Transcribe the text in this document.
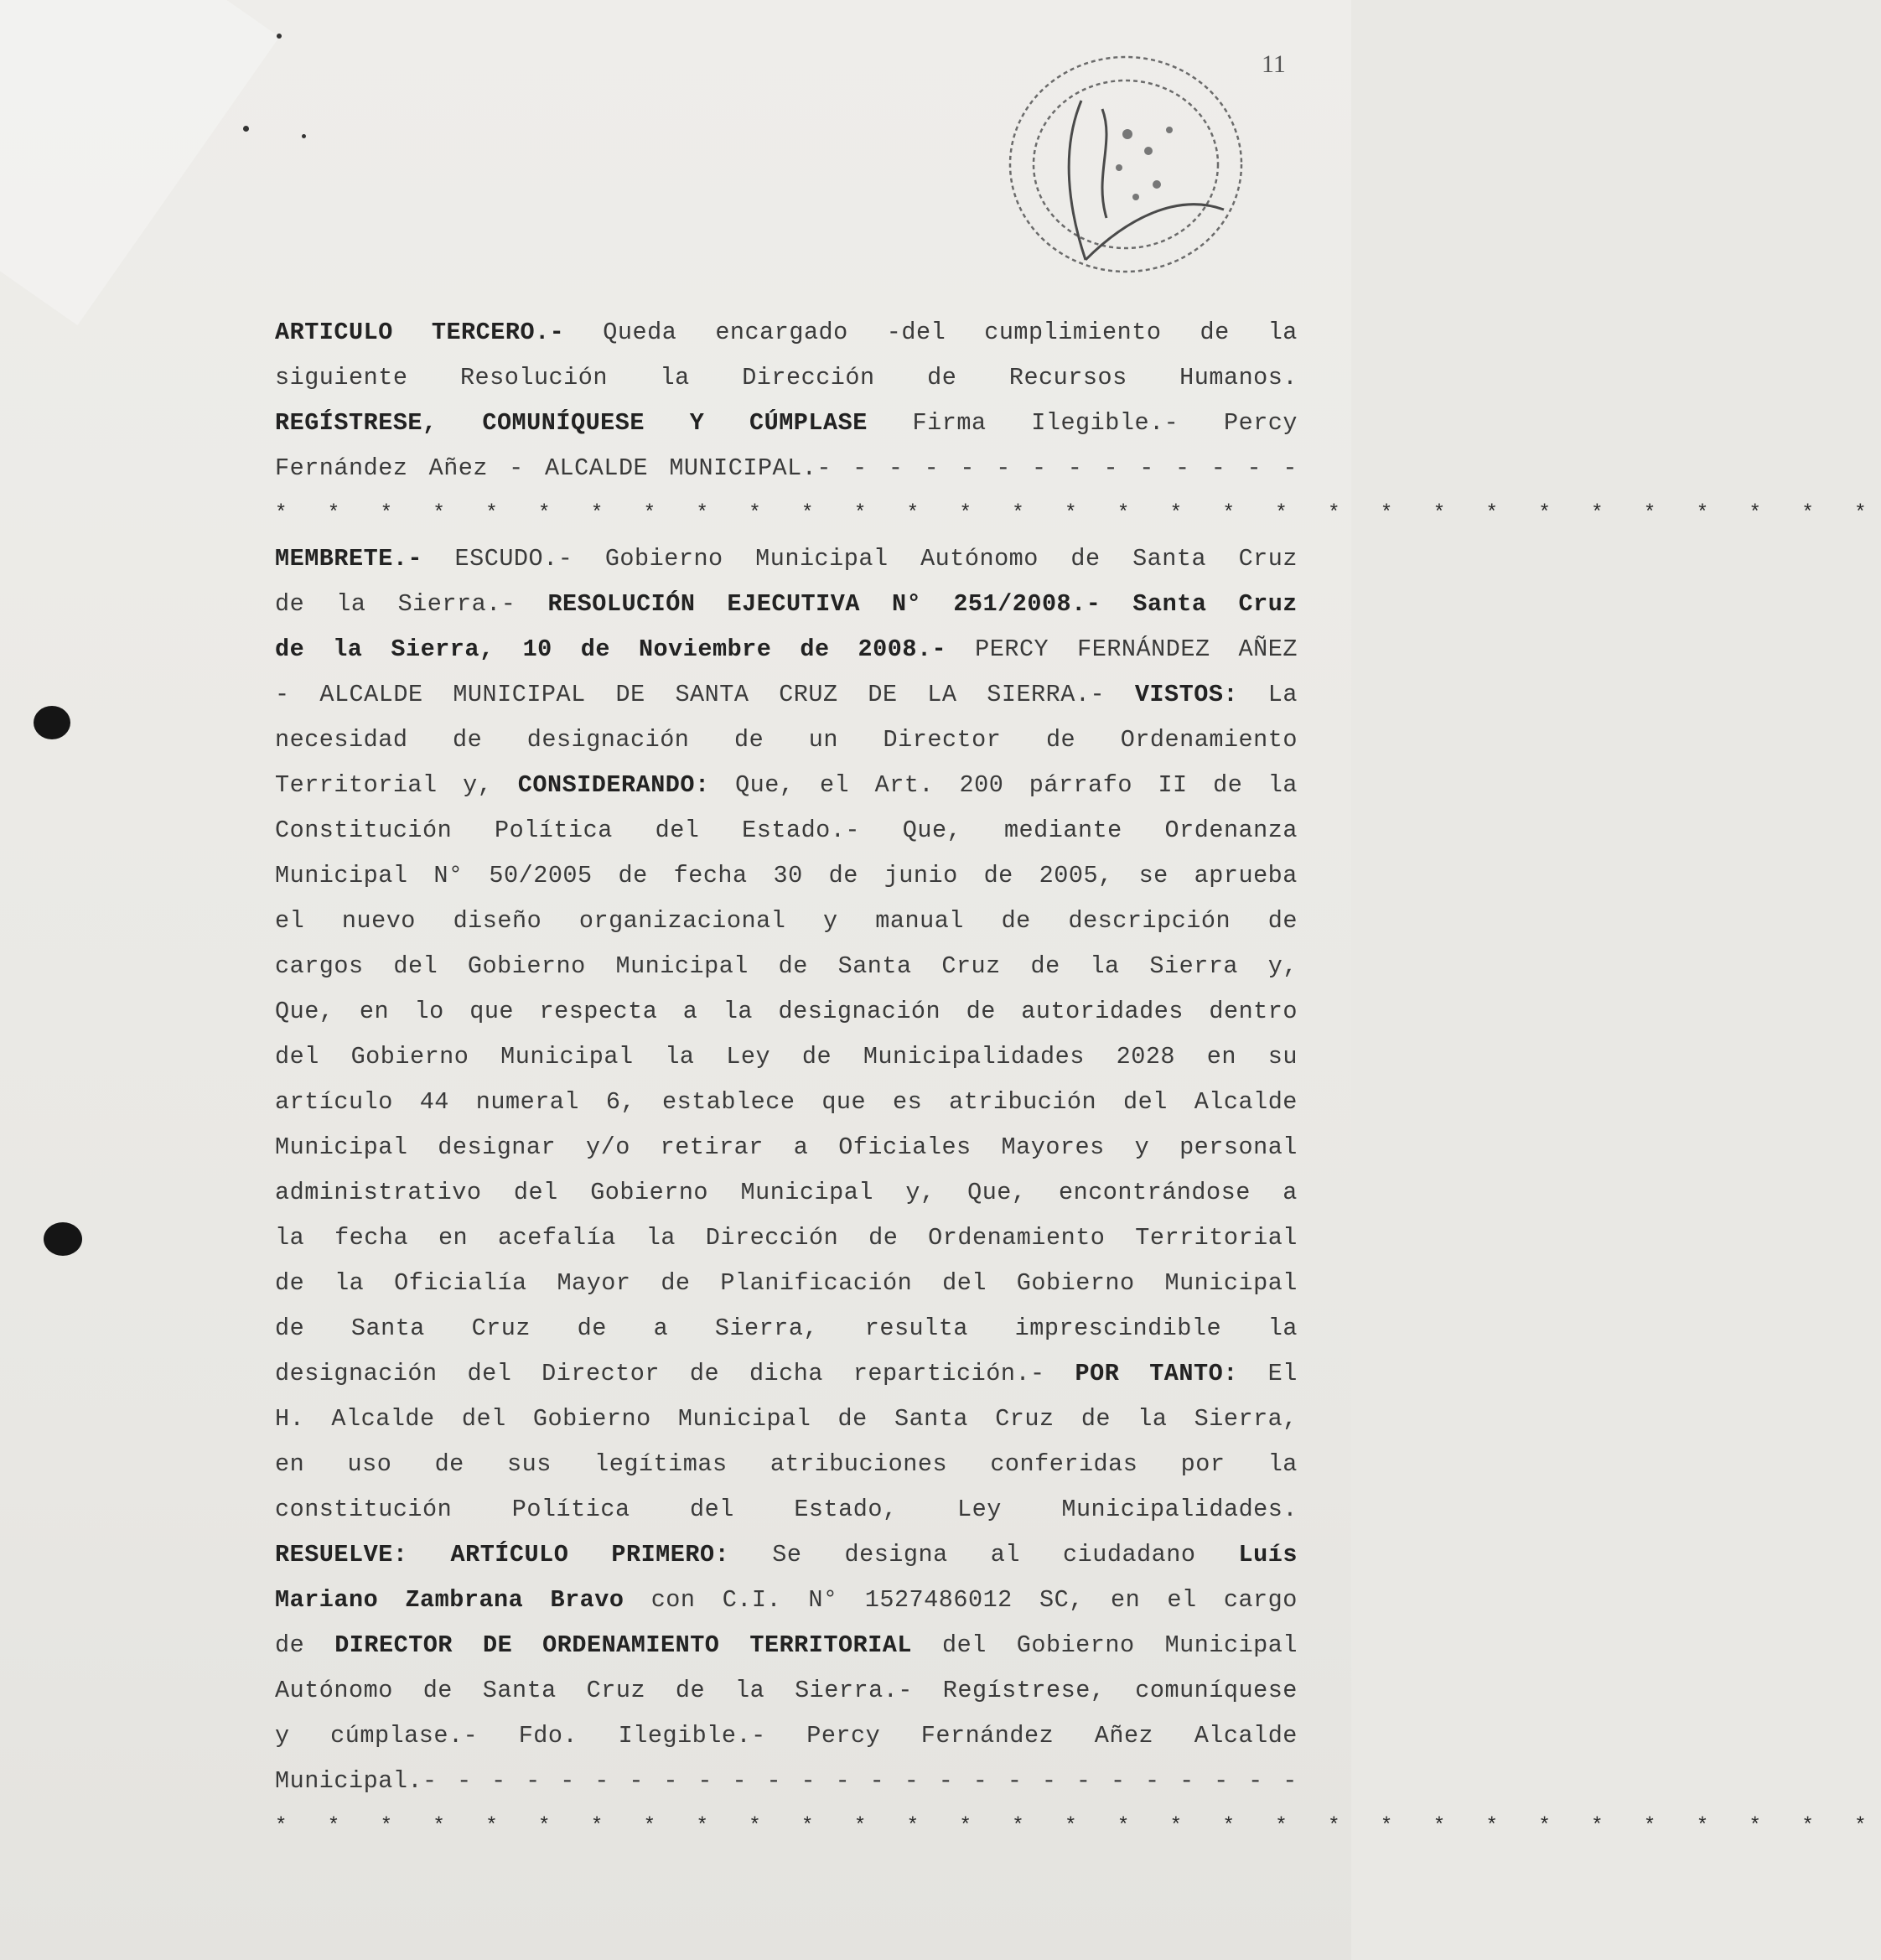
11
ARTICULO TERCERO.- Queda encargado -del cumplimiento de la
siguiente Resolución la Dirección de Recursos Humanos.
REGÍSTRESE, COMUNÍQUESE Y CÚMPLASE Firma Ilegible.- Percy
Fernández Añez - ALCALDE MUNICIPAL.- - - - - - - - - - - - - -
* * * * * * * * * * * * * * * * * * * * * * * * * * * * * * *
MEMBRETE.- ESCUDO.- Gobierno Municipal Autónomo de Santa Cruz
de la Sierra.- RESOLUCIÓN EJECUTIVA N° 251/2008.- Santa Cruz
de la Sierra, 10 de Noviembre de 2008.- PERCY FERNÁNDEZ AÑEZ
- ALCALDE MUNICIPAL DE SANTA CRUZ DE LA SIERRA.- VISTOS: La
necesidad de designación de un Director de Ordenamiento
Territorial y, CONSIDERANDO: Que, el Art. 200 párrafo II de la
Constitución Política del Estado.- Que, mediante Ordenanza
Municipal N° 50/2005 de fecha 30 de junio de 2005, se aprueba
el nuevo diseño organizacional y manual de descripción de
cargos del Gobierno Municipal de Santa Cruz de la Sierra y,
Que, en lo que respecta a la designación de autoridades dentro
del Gobierno Municipal la Ley de Municipalidades 2028 en su
artículo 44 numeral 6, establece que es atribución del Alcalde
Municipal designar y/o retirar a Oficiales Mayores y personal
administrativo del Gobierno Municipal y, Que, encontrándose a
la fecha en acefalía la Dirección de Ordenamiento Territorial
de la Oficialía Mayor de Planificación del Gobierno Municipal
de Santa Cruz de a Sierra, resulta imprescindible la
designación del Director de dicha repartición.- POR TANTO: El
H. Alcalde del Gobierno Municipal de Santa Cruz de la Sierra,
en uso de sus legítimas atribuciones conferidas por la
constitución	Política	del	Estado,	Ley	Municipalidades.
RESUELVE: ARTÍCULO PRIMERO: Se designa al ciudadano Luís
Mariano Zambrana Bravo con C.I. N° 1527486012 SC, en el cargo
de DIRECTOR DE ORDENAMIENTO TERRITORIAL del Gobierno Municipal
Autónomo de Santa Cruz de la Sierra.- Regístrese, comuníquese
y cúmplase.- Fdo. Ilegible.- Percy Fernández Añez Alcalde
Municipal.- - - - - - - - - - - - - - - - - - - - - - - - - -
* * * * * * * * * * * * * * * * * * * * * * * * * * * * * * *
